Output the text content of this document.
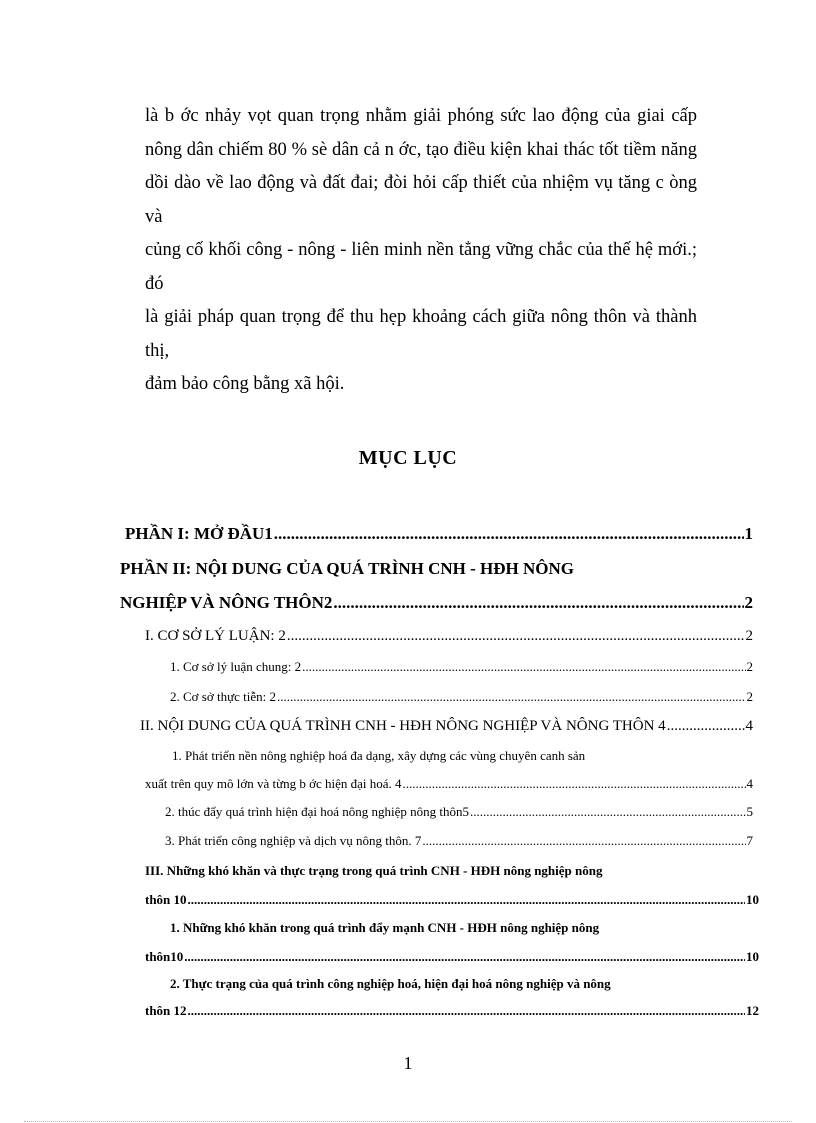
là b ớc nhảy vọt quan trọng nhằm giải phóng sức lao động của giai cấp
nông dân chiếm 80 % sè dân cả n ớc, tạo điều kiện khai thác tốt tiềm năng
dồi dào về lao động và đất đai; đòi hỏi cấp thiết của nhiệm vụ tăng c òng và
củng cố khối công - nông - liên minh nền tẳng vững chắc của thế hệ mới.; đó
là giải pháp quan trọng để thu hẹp khoảng cách giữa nông thôn và thành thị,
đảm bảo công bằng xã hội.
MỤC LỤC
PHẦN I: MỞ ĐẦU1 .....	1
PHẦN II: NỘI DUNG CỦA QUÁ TRÌNH CNH - HĐH NÔNG
NGHIỆP VÀ NÔNG THÔN2 .....	2
I. CƠ SỞ LÝ LUẬN: 2 .....	2
1. Cơ sở lý luận chung: 2 .....	2
2. Cơ sở thực tiễn: 2 .....	2
II. NỘI DUNG CỦA QUÁ TRÌNH CNH - HĐH NÔNG NGHIỆP VÀ NÔNG THÔN 4 .....	4
1. Phát triển nền nông nghiệp hoá đa dạng, xây dựng các vùng chuyên canh sản
xuất trên quy mô lớn và từng b ớc hiện đại hoá. 4 .....	4
2. thúc đẩy quá trình hiện đại hoá nông nghiệp nông thôn5 .....	5
3. Phát triển công nghiệp và dịch vụ nông thôn. 7 .....	7
III. Những khó khăn và thực trạng trong quá trình CNH - HĐH nông nghiệp nông
thôn 10 .....	10
1. Những khó khăn trong quá trình đẩy mạnh CNH - HĐH nông nghiệp nông
thôn10 .....	10
2. Thực trạng của quá trình công nghiệp hoá, hiện đại hoá nông nghiệp và nông
thôn 12 .....	12
1
